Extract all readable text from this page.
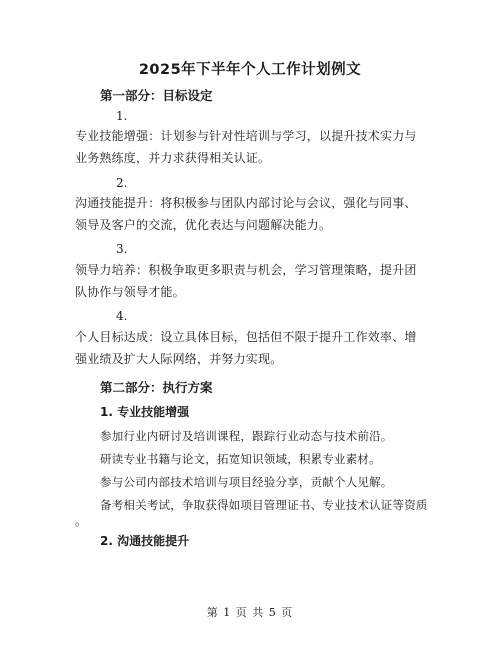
2025年下半年个人工作计划例文
第一部分：目标设定
1.
专业技能增强：计划参与针对性培训与学习，以提升技术实力与业务熟练度，并力求获得相关认证。
2.
沟通技能提升：将积极参与团队内部讨论与会议，强化与同事、领导及客户的交流，优化表达与问题解决能力。
3.
领导力培养：积极争取更多职责与机会，学习管理策略，提升团队协作与领导才能。
4.
个人目标达成：设立具体目标，包括但不限于提升工作效率、增强业绩及扩大人际网络，并努力实现。
第二部分：执行方案
1. 专业技能增强
参加行业内研讨及培训课程，跟踪行业动态与技术前沿。
研读专业书籍与论文，拓宽知识领域，积累专业素材。
参与公司内部技术培训与项目经验分享，贡献个人见解。
备考相关考试，争取获得如项目管理证书、专业技术认证等资质
。
2. 沟通技能提升
第 1 页 共 5 页
